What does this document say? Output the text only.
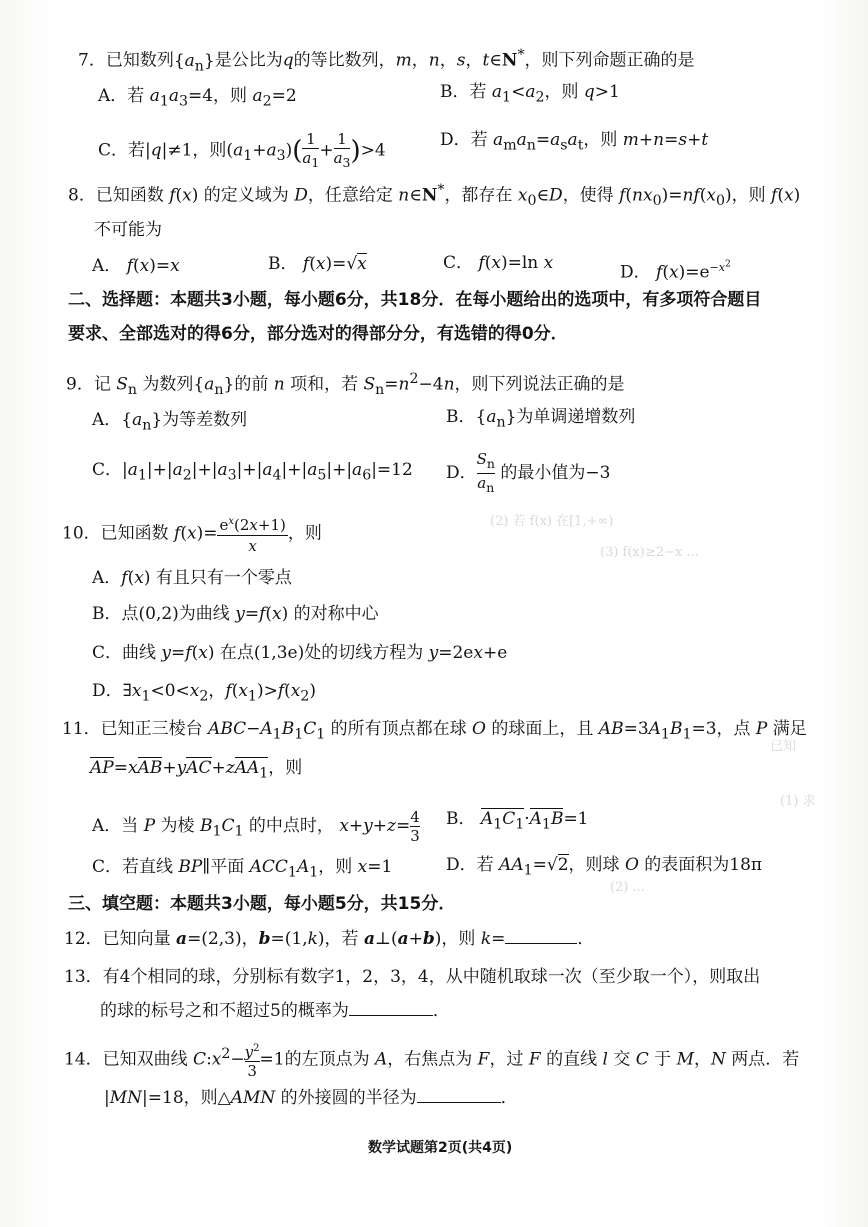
(2) 若 f(x) 在[1,+∞)
(3) f(x)≥2−x ...
已知
(1) 求
(2) ...
7．已知数列$\{a_n\}$是公比为q的等比数列，m，n，s，t∈N*，则下列命题正确的是
A．若 $a_1a_3=4$，则 $a_2=2$	B．若 $a_1<a_2$，则 q>1
C．若|q|≠1，则$(a_1+a_3)( \frac{1}{a_1} + \frac{1}{a_3} )>4$
D．若 $a_ma_n=a_sa_t$，则 m+n=s+t
8．已知函数 f(x) 的定义域为 D，任意给定 n∈N*，都存在 $x_0\in D$，使得 $f(nx_0)=nf(x_0)$，则 f(x)
不可能为
A． f(x)=x	B． f(x)=√x	C． f(x)=ln x	D． $f(x)=e^{-x^2}$
二、选择题：本题共3小题，每小题6分，共18分．在每小题给出的选项中，有多项符合题目
要求、全部选对的得6分，部分选对的得部分分，有选错的得0分．
9．记 $S_n$ 为数列$\{a_n\}$的前 n 项和，若 $S_n=n^2-4n$，则下列说法正确的是
A．$\{a_n\}$为等差数列	B．$\{a_n\}$为单调递增数列
C．$|a_1|+|a_2|+|a_3|+|a_4|+|a_5|+|a_6|=12$ D． $\frac{S_n}{a_n}$ 的最小值为−3
10．已知函数 $f(x)= \frac{e^x(2x+1)}{x}$ ，则
A．f(x) 有且只有一个零点
B．点(0,2)为曲线 y=f(x) 的对称中心
C．曲线 y=f(x) 在点(1,3e)处的切线方程为 y=2ex+e
D．$\exists x_1<0<x_2$，$f(x_1)>f(x_2)$
11．已知正三棱台 $ABC-A_1B_1C_1$ 的所有顶点都在球 O 的球面上，且 $AB=3A_1B_1=3$，点 P 满足
AP=xAB+yAC+zAA$_1$，则
A．当 P 为棱 $B_1C_1$ 的中点时， $x+y+z= \frac{4}{3}$ B． $A_1C_1\cdot A_1B=1$
C．若直线 BP∥平面 $ACC_1A_1$，则 x=1	D．若 $AA_1=√2$，则球 O 的表面积为18π
三、填空题：本题共3小题，每小题5分，共15分．
12．已知向量 a=(2,3)，b=(1,k)，若 a⊥(a+b)，则 k=	．
13．有4个相同的球，分别标有数字1，2，3，4，从中随机取球一次（至少取一个），则取出
的球的标号之和不超过5的概率为	．
14．已知双曲线 $C:x^2- \frac{y^2}{3} =1$的左顶点为 A，右焦点为 F，过 F 的直线 l 交 C 于 M，N 两点．若
|MN|=18，则△AMN 的外接圆的半径为	．
数学试题第2页(共4页)
